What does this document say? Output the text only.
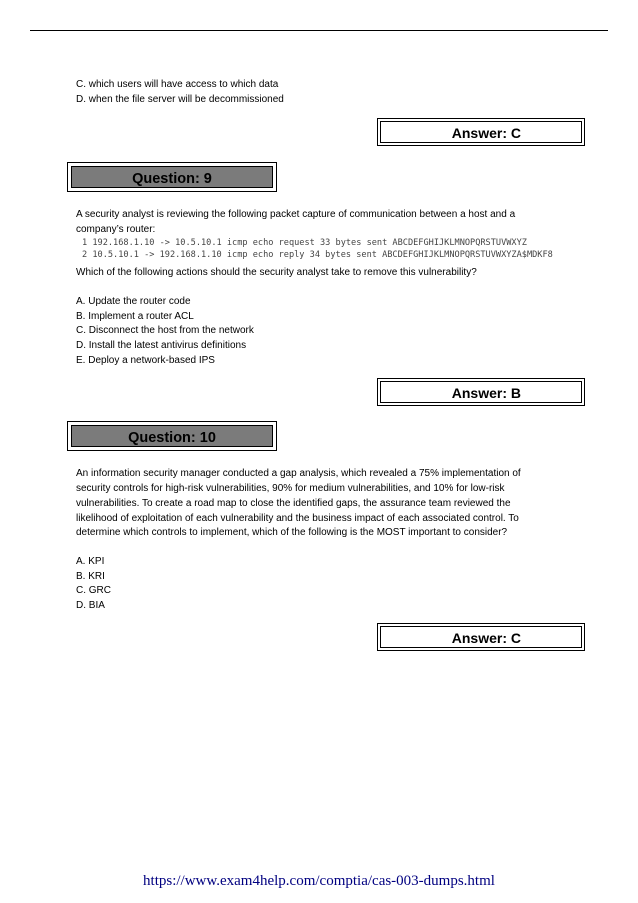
C. which users will have access to which data
D. when the file server will be decommissioned
Answer: C
Question: 9
A security analyst is reviewing the following packet capture of communication between a host and a
company’s router:
1 192.168.1.10 -> 10.5.10.1 icmp echo request 33 bytes sent ABCDEFGHIJKLMNOPQRSTUVWXYZ
2 10.5.10.1 -> 192.168.1.10 icmp echo reply 34 bytes sent ABCDEFGHIJKLMNOPQRSTUVWXYZA$MDKF8
Which of the following actions should the security analyst take to remove this vulnerability?
A. Update the router code
B. Implement a router ACL
C. Disconnect the host from the network
D. Install the latest antivirus definitions
E. Deploy a network-based IPS
Answer: B
Question: 10
An information security manager conducted a gap analysis, which revealed a 75% implementation of
security controls for high-risk vulnerabilities, 90% for medium vulnerabilities, and 10% for low-risk
vulnerabilities. To create a road map to close the identified gaps, the assurance team reviewed the
likelihood of exploitation of each vulnerability and the business impact of each associated control. To
determine which controls to implement, which of the following is the MOST important to consider?
A. KPI
B. KRI
C. GRC
D. BIA
Answer: C
https://www.exam4help.com/comptia/cas-003-dumps.html
